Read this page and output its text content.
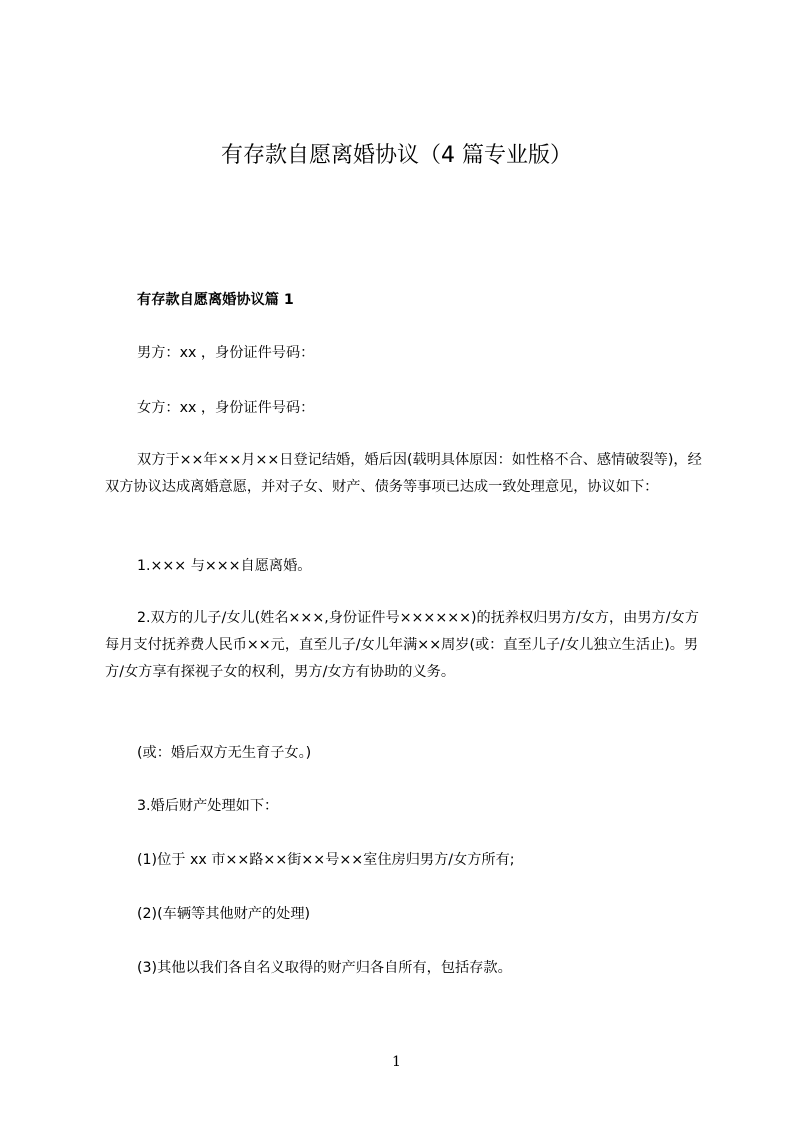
有存款自愿离婚协议（4 篇专业版）

有存款自愿离婚协议篇 1

男方：xx ，身份证件号码：

女方：xx ，身份证件号码：

双方于××年××月××日登记结婚，婚后因(载明具体原因：如性格不合、感情破裂等)，经双方协议达成离婚意愿，并对子女、财产、债务等事项已达成一致处理意见，协议如下：

1.××× 与×××自愿离婚。

2.双方的儿子/女儿(姓名×××,身份证件号××××××)的抚养权归男方/女方，由男方/女方每月支付抚养费人民币××元，直至儿子/女儿年满××周岁(或：直至儿子/女儿独立生活止)。男方/女方享有探视子女的权利，男方/女方有协助的义务。

(或：婚后双方无生育子女。)

3.婚后财产处理如下：

(1)位于 xx 市××路××街××号××室住房归男方/女方所有;

(2)(车辆等其他财产的处理)

(3)其他以我们各自名义取得的财产归各自所有，包括存款。

1
